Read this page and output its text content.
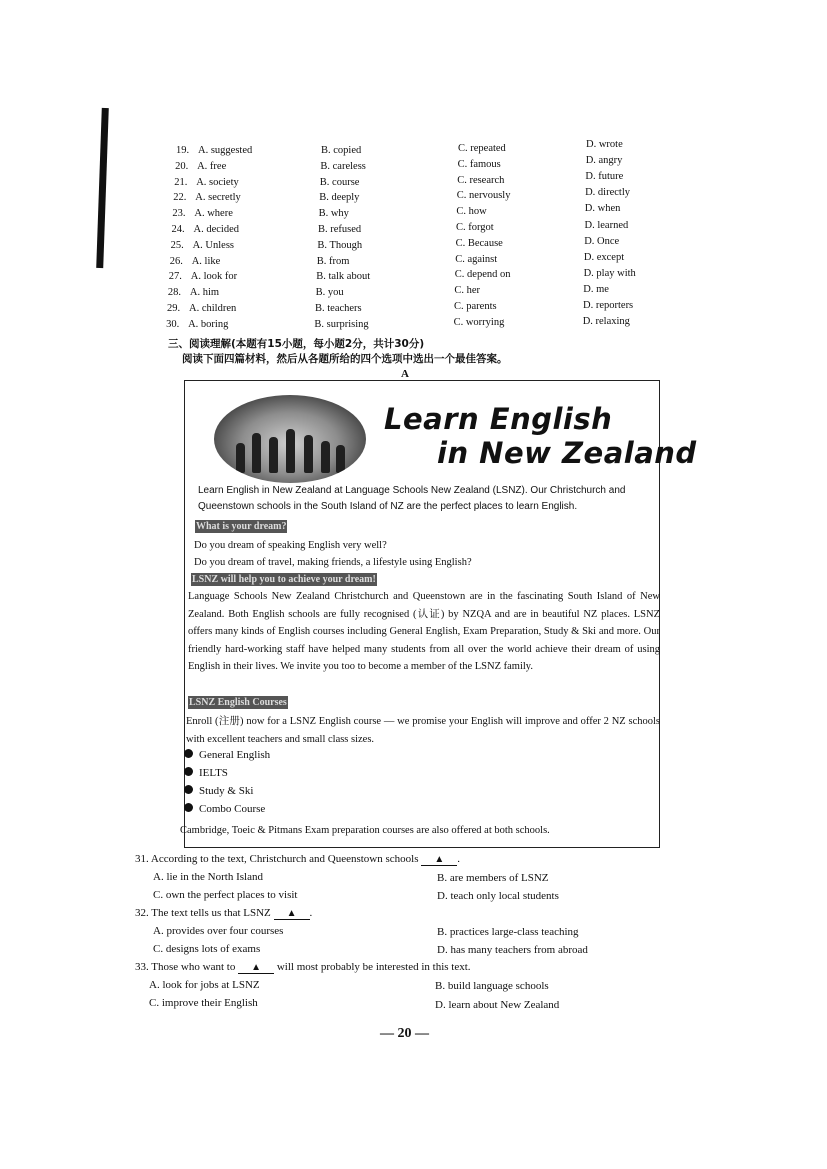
19. A. suggested	B. copied	C. repeated	D. wrote
20. A. free	B. careless	C. famous	D. angry
21. A. society	B. course	C. research	D. future
22. A. secretly	B. deeply	C. nervously	D. directly
23. A. where	B. why	C. how	D. when
24. A. decided	B. refused	C. forgot	D. learned
25. A. Unless	B. Though	C. Because	D. Once
26. A. like	B. from	C. against	D. except
27. A. look for	B. talk about	C. depend on	D. play with
28. A. him	B. you	C. her	D. me
29. A. children	B. teachers	C. parents	D. reporters
30. A. boring	B. surprising	C. worrying	D. relaxing
三、阅读理解(本题有15小题，每小题2分，共计30分)
阅读下面四篇材料，然后从各题所给的四个选项中选出一个最佳答案。
A
Learn English
in New Zealand
Learn English in New Zealand at Language Schools New Zealand (LSNZ). Our Christchurch and Queenstown schools in the South Island of NZ are the perfect places to learn English.
What is your dream?
Do you dream of speaking English very well?
Do you dream of travel, making friends, a lifestyle using English?
LSNZ will help you to achieve your dream!
Language Schools New Zealand Christchurch and Queenstown are in the fascinating South Island of New Zealand. Both English schools are fully recognised (认证) by NZQA and are in beautiful NZ places. LSNZ offers many kinds of English courses including General English, Exam Preparation, Study & Ski and more. Our friendly hard-working staff have helped many students from all over the world achieve their dream of using English in their lives. We invite you too to become a member of the LSNZ family.
LSNZ English Courses
Enroll (注册) now for a LSNZ English course — we promise your English will improve and offer 2 NZ schools with excellent teachers and small class sizes.
General English
IELTS
Study & Ski
Combo Course
Cambridge, Toeic & Pitmans Exam preparation courses are also offered at both schools.
31. According to the text, Christchurch and Queenstown schools ▲ .
A. lie in the North Island	B. are members of LSNZ
C. own the perfect places to visit	D. teach only local students
32. The text tells us that LSNZ ▲ .
A. provides over four courses	B. practices large-class teaching
C. designs lots of exams	D. has many teachers from abroad
33. Those who want to ▲ will most probably be interested in this text.
A. look for jobs at LSNZ	B. build language schools
C. improve their English	D. learn about New Zealand
— 20 —
